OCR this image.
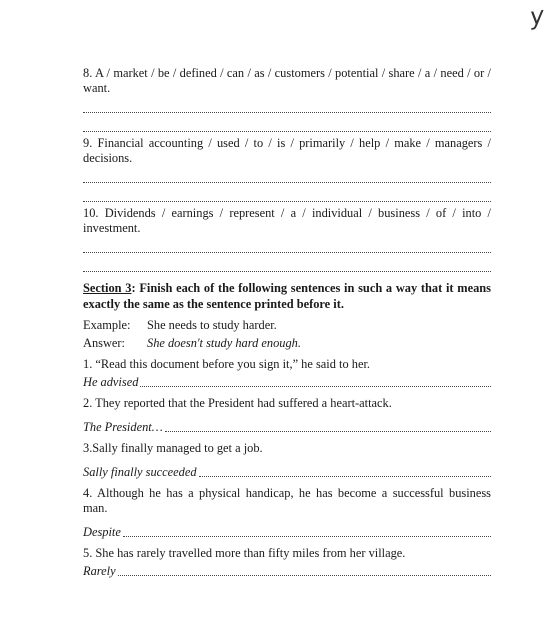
y

8. A / market / be / defined / can / as / customers / potential / share / a / need / or / want.

9. Financial accounting / used / to / is / primarily / help / make / managers / decisions.

10. Dividends / earnings / represent / a / individual / business / of / into / investment.

Section 3: Finish each of the following sentences in such a way that it means exactly the same as the sentence printed before it.
Example:	She needs to study harder.
Answer:	She doesn't study hard enough.

1. “Read this document before you sign it,” he said to her.

He advised

2. They reported that the President had suffered a heart-attack.

The President…

3.Sally finally managed to get a job.

Sally finally succeeded

4. Although he has a physical handicap, he has become a successful business man.

Despite

5. She has rarely travelled more than fifty miles from her village.

Rarely
